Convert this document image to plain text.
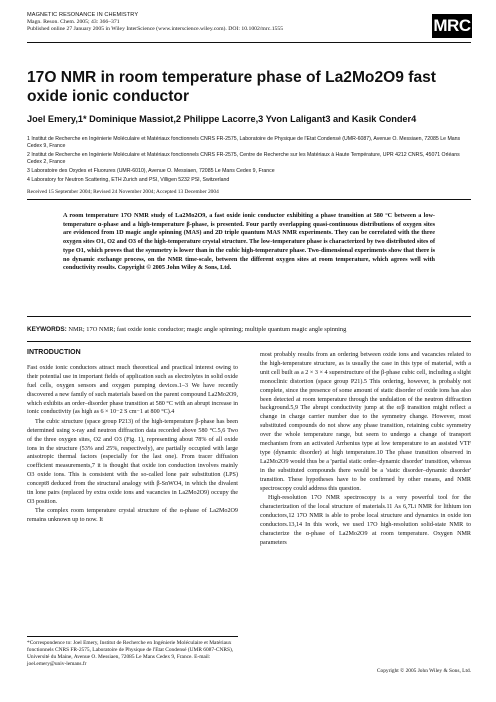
MAGNETIC RESONANCE IN CHEMISTRY
Magn. Reson. Chem. 2005; 43: 366–371
Published online 27 January 2005 in Wiley InterScience (www.interscience.wiley.com). DOI: 10.1002/mrc.1555	MRC
17O NMR in room temperature phase of La2Mo2O9 fast oxide ionic conductor
Joel Emery,1* Dominique Massiot,2 Philippe Lacorre,3 Yvon Laligant3 and Kasik Conder4
1 Institut de Recherche en Ingénierie Moléculaire et Matériaux fonctionnels CNRS FR-2575, Laboratoire de Physique de l'Etat Condensé (UMR-6087), Avenue O. Messiaen, 72085 Le Mans Cedex 9, France
2 Institut de Recherche en Ingénierie Moléculaire et Matériaux fonctionnels CNRS FR-2575, Centre de Recherche sur les Matériaux à Haute Température, UPR 4212 CNRS, 45071 Orléans Cedex 2, France
3 Laboratoire des Oxydes et Fluorures (UMR-6010), Avenue O. Messiaen, 72085 Le Mans Cedex 9, France
4 Laboratory for Neutron Scattering, ETH Zurich and PSI, Villigen 5232 PSI, Switzerland
Received 15 September 2004; Revised 24 November 2004; Accepted 13 December 2004
A room temperature 17O NMR study of La2Mo2O9, a fast oxide ionic conductor exhibiting a phase transition at 580 °C between a low-temperature α-phase and a high-temperature β-phase, is presented. Four partly overlapping quasi-continuous distributions of oxygen sites are evidenced from 1D magic angle spinning (MAS) and 2D triple quantum MAS NMR experiments. They can be correlated with the three oxygen sites O1, O2 and O3 of the high-temperature crystal structure. The low-temperature phase is characterized by two distributed sites of type O1, which proves that the symmetry is lower than in the cubic high-temperature phase. Two-dimensional experiments show that there is no dynamic exchange process, on the NMR time-scale, between the different oxygen sites at room temperature, which agrees well with conductivity results. Copyright © 2005 John Wiley & Sons, Ltd.
KEYWORDS: NMR; 17O NMR; fast oxide ionic conductor; magic angle spinning; multiple quantum magic angle spinning
INTRODUCTION

Fast oxide ionic conductors attract much theoretical and practical interest owing to their potential use in important fields of application such as electrolytes in solid oxide fuel cells, oxygen sensors and oxygen pumping devices.1–3 We have recently discovered a new family of such materials based on the parent compound La2Mo2O9, which exhibits an order–disorder phase transition at 580 °C with an abrupt increase in ionic conductivity (as high as 6 × 10−2 S cm−1 at 800 °C).4

The cubic structure (space group P213) of the high-temperature β-phase has been determined using x-ray and neutron diffraction data recorded above 580 °C.5,6 Two of the three oxygen sites, O2 and O3 (Fig. 1), representing about 78% of all oxide ions in the structure (53% and 25%, respectively), are partially occupied with large anisotropic thermal factors (especially for the last one). From tracer diffusion coefficient measurements,7 it is thought that oxide ion conduction involves mainly O3 oxide ions. This is consistent with the so-called lone pair substitution (LPS) concept8 deduced from the structural analogy with β-SnWO4, in which the divalent tin lone pairs (replaced by extra oxide ions and vacancies in La2Mo2O9) occupy the O3 position.

The complex room temperature crystal structure of the α-phase of La2Mo2O9 remains unknown up to now. It

*Correspondence to: Joel Emery, Institut de Recherche en Ingénierie Moléculaire et Matériaux fonctionnels CNRS FR-2575, Laboratoire de Physique de l'Etat Condensé (UMR 6087-CNRS), Université du Maine, Avenue O. Messiaen, 72085 Le Mans Cedex 9, France. E-mail: joel.emery@univ-lemans.fr

most probably results from an ordering between oxide ions and vacancies related to the high-temperature structure, as is usually the case in this type of material, with a unit cell built as a 2 × 3 × 4 superstructure of the β-phase cubic cell, including a slight monoclinic distortion (space group P21).5 This ordering, however, is probably not complete, since the presence of some amount of static disorder of oxide ions has also been detected at room temperature through the undulation of the neutron diffraction background.5,9 The abrupt conductivity jump at the α/β transition might reflect a change in charge carrier number due to the symmetry change. However, most substituted compounds do not show any phase transition, retaining cubic symmetry over the whole temperature range, but seem to undergo a change of transport mechanism from an activated Arrhenius type at low temperature to an assisted VTF type (dynamic disorder) at high temperature.10 The phase transition observed in La2Mo2O9 would thus be a 'partial static order–dynamic disorder' transition, whereas in the substituted compounds there would be a 'static disorder–dynamic disorder' transition. These hypotheses have to be confirmed by other means, and NMR spectroscopy could address this question.

High-resolution 17O NMR spectroscopy is a very powerful tool for the characterization of the local structure of materials.11 As 6,7Li NMR for lithium ion conductors,12 17O NMR is able to probe local structure and dynamics in oxide ion conductors.13,14 In this work, we used 17O high-resolution solid-state NMR to characterize the α-phase of La2Mo2O9 at room temperature. Oxygen NMR parameters

Copyright © 2005 John Wiley & Sons, Ltd.
